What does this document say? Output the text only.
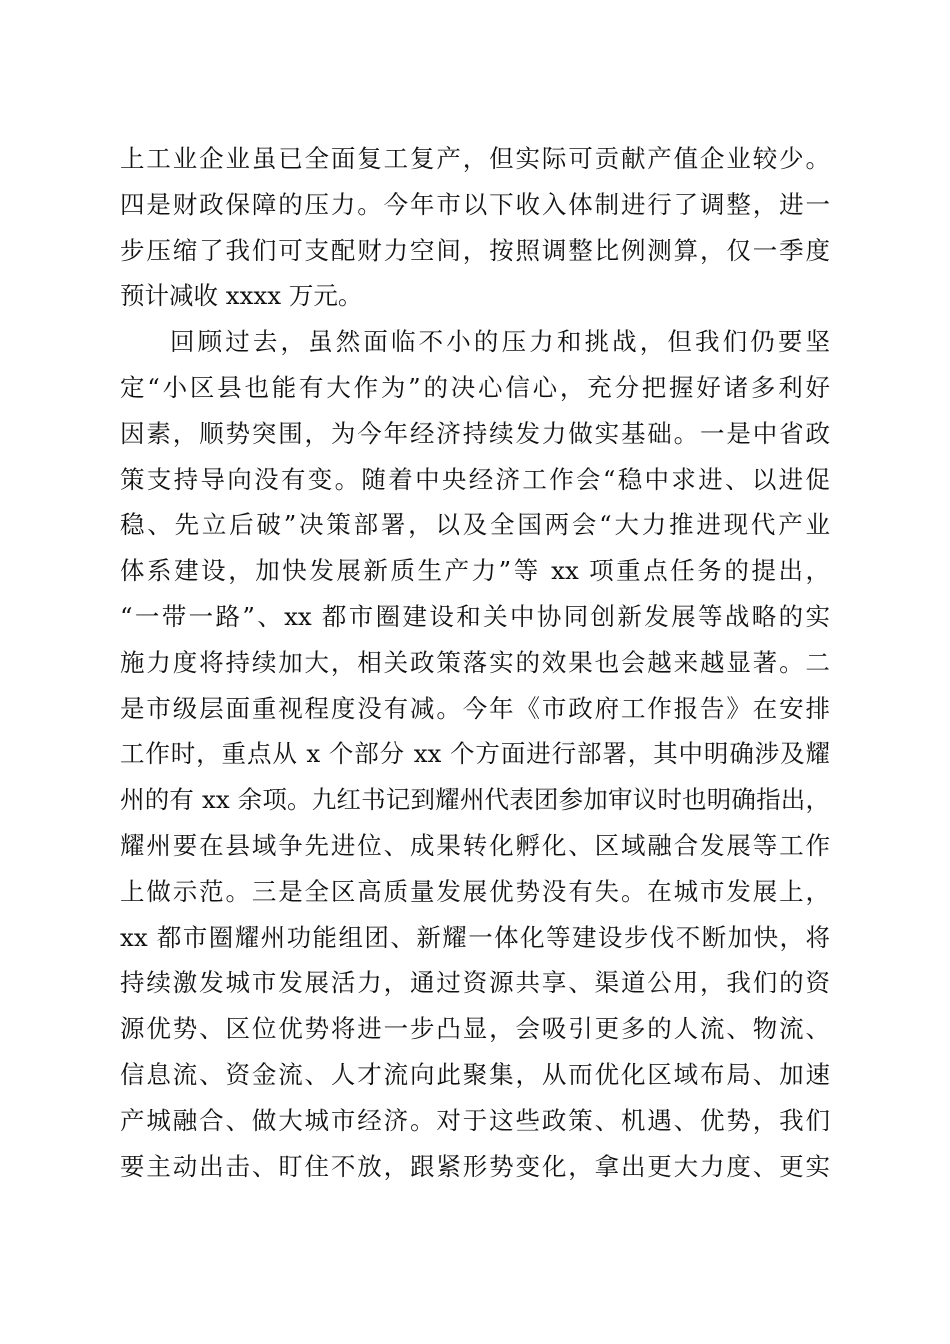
上工业企业虽已全面复工复产，但实际可贡献产值企业较少。
四是财政保障的压力。今年市以下收入体制进行了调整，进一
步压缩了我们可支配财力空间，按照调整比例测算，仅一季度
预计减收 xxxx 万元。
回顾过去，虽然面临不小的压力和挑战，但我们仍要坚
定“小区县也能有大作为”的决心信心，充分把握好诸多利好
因素，顺势突围，为今年经济持续发力做实基础。一是中省政
策支持导向没有变。随着中央经济工作会“稳中求进、以进促
稳、先立后破”决策部署，以及全国两会“大力推进现代产业
体系建设，加快发展新质生产力”等 xx 项重点任务的提出，
“一带一路”、xx 都市圈建设和关中协同创新发展等战略的实
施力度将持续加大，相关政策落实的效果也会越来越显著。二
是市级层面重视程度没有减。今年《市政府工作报告》在安排
工作时，重点从 x 个部分 xx 个方面进行部署，其中明确涉及耀
州的有 xx 余项。九红书记到耀州代表团参加审议时也明确指出，
耀州要在县域争先进位、成果转化孵化、区域融合发展等工作
上做示范。三是全区高质量发展优势没有失。在城市发展上，
xx 都市圈耀州功能组团、新耀一体化等建设步伐不断加快，将
持续激发城市发展活力，通过资源共享、渠道公用，我们的资
源优势、区位优势将进一步凸显，会吸引更多的人流、物流、
信息流、资金流、人才流向此聚集，从而优化区域布局、加速
产城融合、做大城市经济。对于这些政策、机遇、优势，我们
要主动出击、盯住不放，跟紧形势变化，拿出更大力度、更实
